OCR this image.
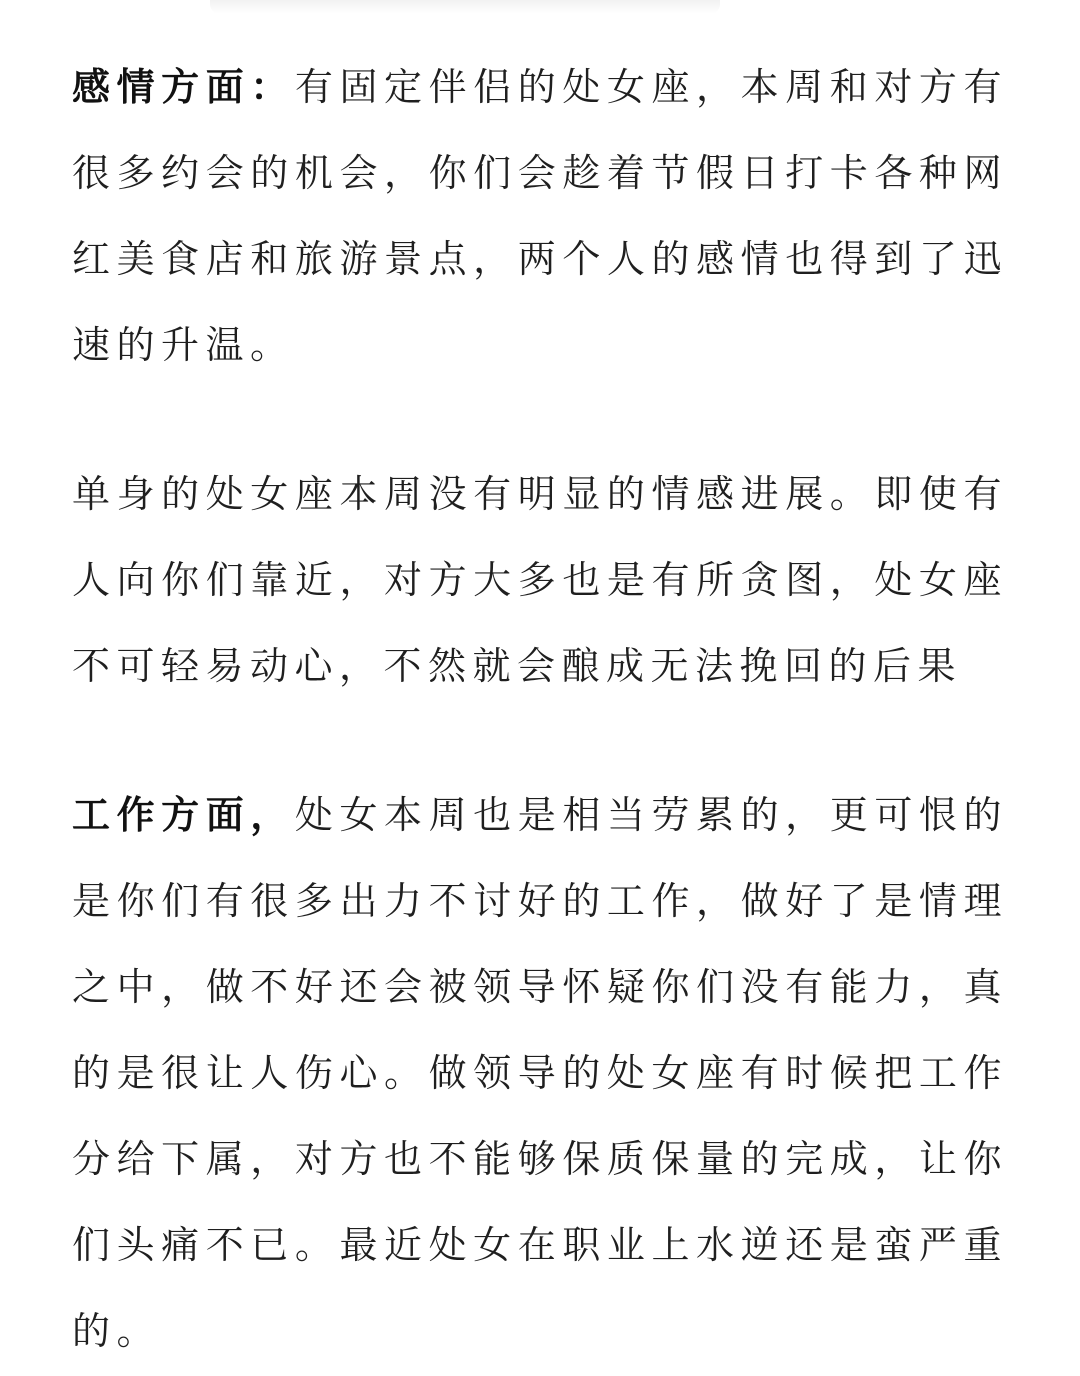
感情方面：有固定伴侣的处女座，本周和对方有很多约会的机会，你们会趁着节假日打卡各种网红美食店和旅游景点，两个人的感情也得到了迅速的升温。

单身的处女座本周没有明显的情感进展。即使有人向你们靠近，对方大多也是有所贪图，处女座不可轻易动心，不然就会酿成无法挽回的后果

工作方面，处女本周也是相当劳累的，更可恨的是你们有很多出力不讨好的工作，做好了是情理之中，做不好还会被领导怀疑你们没有能力，真的是很让人伤心。做领导的处女座有时候把工作分给下属，对方也不能够保质保量的完成，让你们头痛不已。最近处女在职业上水逆还是蛮严重的。
